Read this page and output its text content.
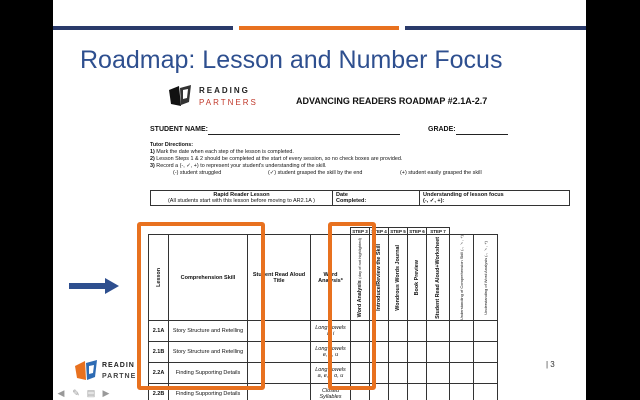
Roadmap: Lesson and Number Focus
READING
PARTNERS	ADVANCING READERS ROADMAP #2.1A-2.7
STUDENT NAME:	GRADE:
Tutor Directions:
1) Mark the date when each step of the lesson is completed.
2) Lesson Steps 1 & 2 should be completed at the start of every session, so no check boxes are provided.
3) Record a (-, ✓, +) to represent your student's understanding of the skill.
(-) student struggled	(✓) student grasped the skill by the end	(+) student easily grasped the skill
Rapid Reader Lesson
(All students start with this lesson before moving to AR2.1A )

Date
Completed:

Understanding of lesson focus
(-, ✓, +):
				STEP 3	STEP 4	STEP 5	STEP 6	STEP 7		

Lesson	Comprehension Skill	Student Read Aloud Title	Word Analysis*	Word Analysis (day of not highlighted)	Introduce/Review the Skill	Wondrous Words Journal	Book Preview	Student Read Aloud+Worksheet	Understanding of Comprehension Skill (-, ✓, +)	Understanding of Word Analysis (-, ✓, +)

2.1A	Story Structure and Retelling		Long vowels
a, i							

2.1B	Story Structure and Retelling		Long vowels
e, o, u							

2.2A	Finding Supporting Details		Long vowels
a, e, i, o, u							

2.2B	Finding Supporting Details		Closed
Syllables							

READIN
PARTNE
| 3
◀ ✎ ▤ ▶
